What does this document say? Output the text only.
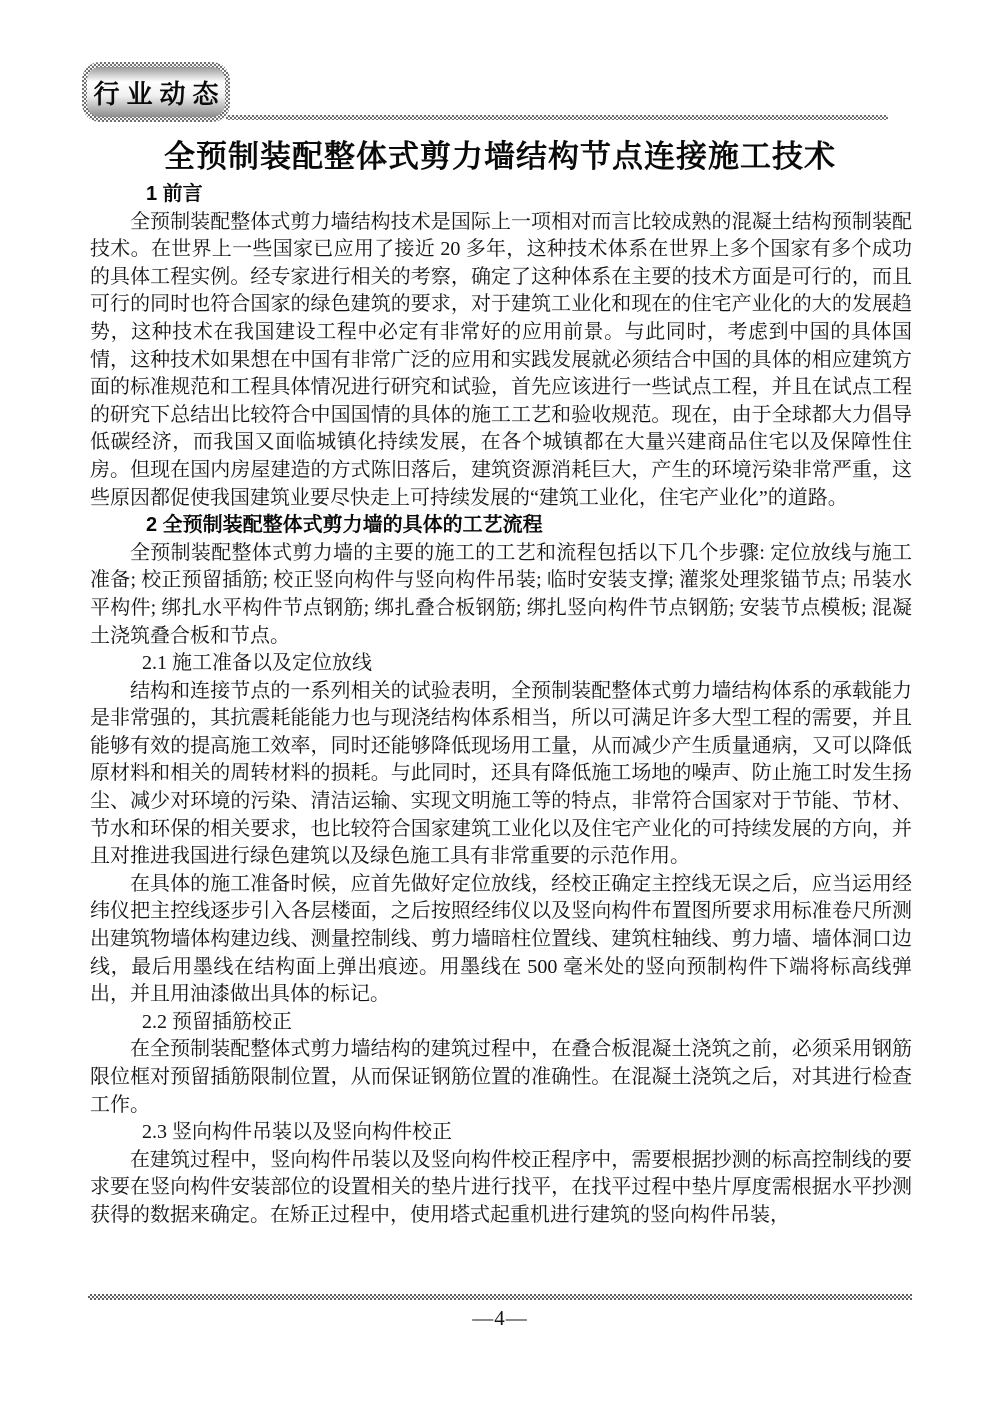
行业动态
全预制装配整体式剪力墙结构节点连接施工技术
1 前言

全预制装配整体式剪力墙结构技术是国际上一项相对而言比较成熟的混凝土结构预制装配技术。在世界上一些国家已应用了接近 20 多年，这种技术体系在世界上多个国家有多个成功的具体工程实例。经专家进行相关的考察，确定了这种体系在主要的技术方面是可行的，而且可行的同时也符合国家的绿色建筑的要求，对于建筑工业化和现在的住宅产业化的大的发展趋势，这种技术在我国建设工程中必定有非常好的应用前景。与此同时，考虑到中国的具体国情，这种技术如果想在中国有非常广泛的应用和实践发展就必须结合中国的具体的相应建筑方面的标准规范和工程具体情况进行研究和试验，首先应该进行一些试点工程，并且在试点工程的研究下总结出比较符合中国国情的具体的施工工艺和验收规范。现在，由于全球都大力倡导低碳经济，而我国又面临城镇化持续发展，在各个城镇都在大量兴建商品住宅以及保障性住房。但现在国内房屋建造的方式陈旧落后，建筑资源消耗巨大，产生的环境污染非常严重，这些原因都促使我国建筑业要尽快走上可持续发展的“建筑工业化，住宅产业化”的道路。

2 全预制装配整体式剪力墙的具体的工艺流程

全预制装配整体式剪力墙的主要的施工的工艺和流程包括以下几个步骤: 定位放线与施工准备; 校正预留插筋; 校正竖向构件与竖向构件吊装; 临时安装支撑; 灌浆处理浆锚节点; 吊装水平构件; 绑扎水平构件节点钢筋; 绑扎叠合板钢筋; 绑扎竖向构件节点钢筋; 安装节点模板; 混凝土浇筑叠合板和节点。

2.1 施工准备以及定位放线

结构和连接节点的一系列相关的试验表明，全预制装配整体式剪力墙结构体系的承载能力是非常强的，其抗震耗能能力也与现浇结构体系相当，所以可满足许多大型工程的需要，并且能够有效的提高施工效率，同时还能够降低现场用工量，从而减少产生质量通病，又可以降低原材料和相关的周转材料的损耗。与此同时，还具有降低施工场地的噪声、防止施工时发生扬尘、减少对环境的污染、清洁运输、实现文明施工等的特点，非常符合国家对于节能、节材、节水和环保的相关要求，也比较符合国家建筑工业化以及住宅产业化的可持续发展的方向，并且对推进我国进行绿色建筑以及绿色施工具有非常重要的示范作用。

在具体的施工准备时候，应首先做好定位放线，经校正确定主控线无误之后，应当运用经纬仪把主控线逐步引入各层楼面，之后按照经纬仪以及竖向构件布置图所要求用标准卷尺所测出建筑物墙体构建边线、测量控制线、剪力墙暗柱位置线、建筑柱轴线、剪力墙、墙体洞口边线，最后用墨线在结构面上弹出痕迹。用墨线在 500 毫米处的竖向预制构件下端将标高线弹出，并且用油漆做出具体的标记。

2.2 预留插筋校正

在全预制装配整体式剪力墙结构的建筑过程中，在叠合板混凝土浇筑之前，必须采用钢筋限位框对预留插筋限制位置，从而保证钢筋位置的准确性。在混凝土浇筑之后，对其进行检查工作。

2.3 竖向构件吊装以及竖向构件校正

在建筑过程中，竖向构件吊装以及竖向构件校正程序中，需要根据抄测的标高控制线的要求要在竖向构件安装部位的设置相关的垫片进行找平，在找平过程中垫片厚度需根据水平抄测获得的数据来确定。在矫正过程中，使用塔式起重机进行建筑的竖向构件吊装，

—4—
